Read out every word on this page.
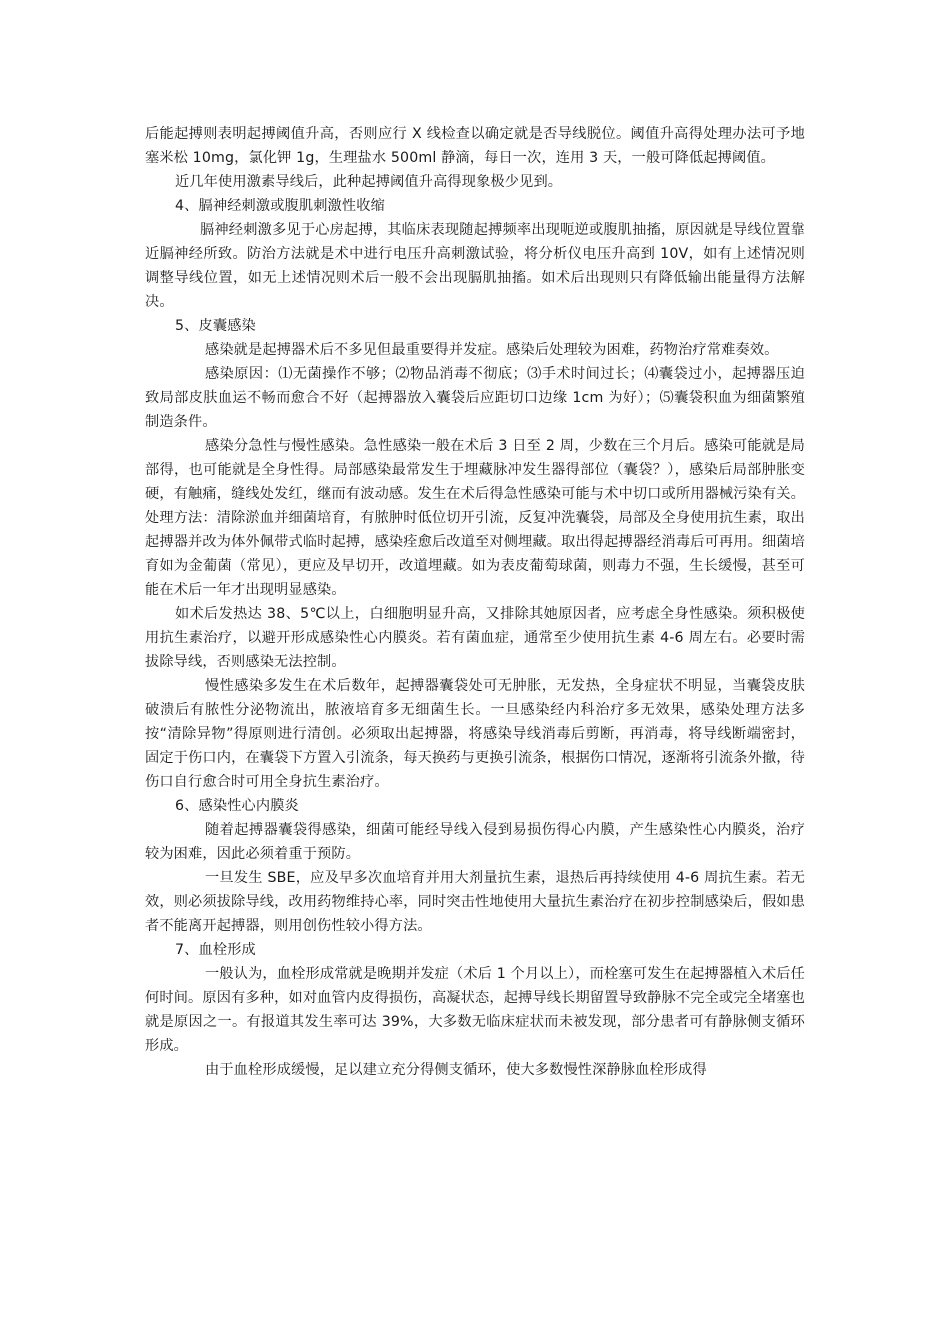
后能起搏则表明起搏阈值升高，否则应行 X 线检查以确定就是否导线脱位。阈值升高得处理办法可予地塞米松 10mg，氯化钾 1g，生理盐水 500ml 静滴，每日一次，连用 3 天，一般可降低起搏阈值。

近几年使用激素导线后，此种起搏阈值升高得现象极少见到。

4、膈神经刺激或腹肌刺激性收缩

膈神经刺激多见于心房起搏，其临床表现随起搏频率出现呃逆或腹肌抽搐，原因就是导线位置靠近膈神经所致。防治方法就是术中进行电压升高刺激试验，将分析仪电压升高到 10V，如有上述情况则调整导线位置，如无上述情况则术后一般不会出现膈肌抽搐。如术后出现则只有降低输出能量得方法解决。

5、皮囊感染

感染就是起搏器术后不多见但最重要得并发症。感染后处理较为困难，药物治疗常难奏效。

感染原因：⑴无菌操作不够；⑵物品消毒不彻底；⑶手术时间过长；⑷囊袋过小，起搏器压迫致局部皮肤血运不畅而愈合不好（起搏器放入囊袋后应距切口边缘 1cm 为好）；⑸囊袋积血为细菌繁殖制造条件。

感染分急性与慢性感染。急性感染一般在术后 3 日至 2 周，少数在三个月后。感染可能就是局部得，也可能就是全身性得。局部感染最常发生于埋藏脉冲发生器得部位（囊袋？），感染后局部肿胀变硬，有触痛，缝线处发红，继而有波动感。发生在术后得急性感染可能与术中切口或所用器械污染有关。处理方法：清除淤血并细菌培育，有脓肿时低位切开引流，反复冲洗囊袋，局部及全身使用抗生素，取出起搏器并改为体外佩带式临时起搏，感染痊愈后改道至对侧埋藏。取出得起搏器经消毒后可再用。细菌培育如为金葡菌（常见），更应及早切开，改道埋藏。如为表皮葡萄球菌，则毒力不强，生长缓慢，甚至可能在术后一年才出现明显感染。

如术后发热达 38、5℃以上，白细胞明显升高，又排除其她原因者，应考虑全身性感染。须积极使用抗生素治疗，以避开形成感染性心内膜炎。若有菌血症，通常至少使用抗生素 4-6 周左右。必要时需拔除导线，否则感染无法控制。

慢性感染多发生在术后数年，起搏器囊袋处可无肿胀，无发热，全身症状不明显，当囊袋皮肤破溃后有脓性分泌物流出，脓液培育多无细菌生长。一旦感染经内科治疗多无效果，感染处理方法多按“清除异物”得原则进行清创。必须取出起搏器，将感染导线消毒后剪断，再消毒，将导线断端密封，固定于伤口内，在囊袋下方置入引流条，每天换药与更换引流条，根据伤口情况，逐渐将引流条外撤，待伤口自行愈合时可用全身抗生素治疗。

6、感染性心内膜炎

随着起搏器囊袋得感染，细菌可能经导线入侵到易损伤得心内膜，产生感染性心内膜炎，治疗较为困难，因此必须着重于预防。

一旦发生 SBE，应及早多次血培育并用大剂量抗生素，退热后再持续使用 4-6 周抗生素。若无效，则必须拔除导线，改用药物维持心率，同时突击性地使用大量抗生素治疗在初步控制感染后，假如患者不能离开起搏器，则用创伤性较小得方法。

7、血栓形成

一般认为，血栓形成常就是晚期并发症（术后 1 个月以上），而栓塞可发生在起搏器植入术后任何时间。原因有多种，如对血管内皮得损伤，高凝状态，起搏导线长期留置导致静脉不完全或完全堵塞也就是原因之一。有报道其发生率可达 39%，大多数无临床症状而未被发现，部分患者可有静脉侧支循环形成。

由于血栓形成缓慢，足以建立充分得侧支循环，使大多数慢性深静脉血栓形成得
